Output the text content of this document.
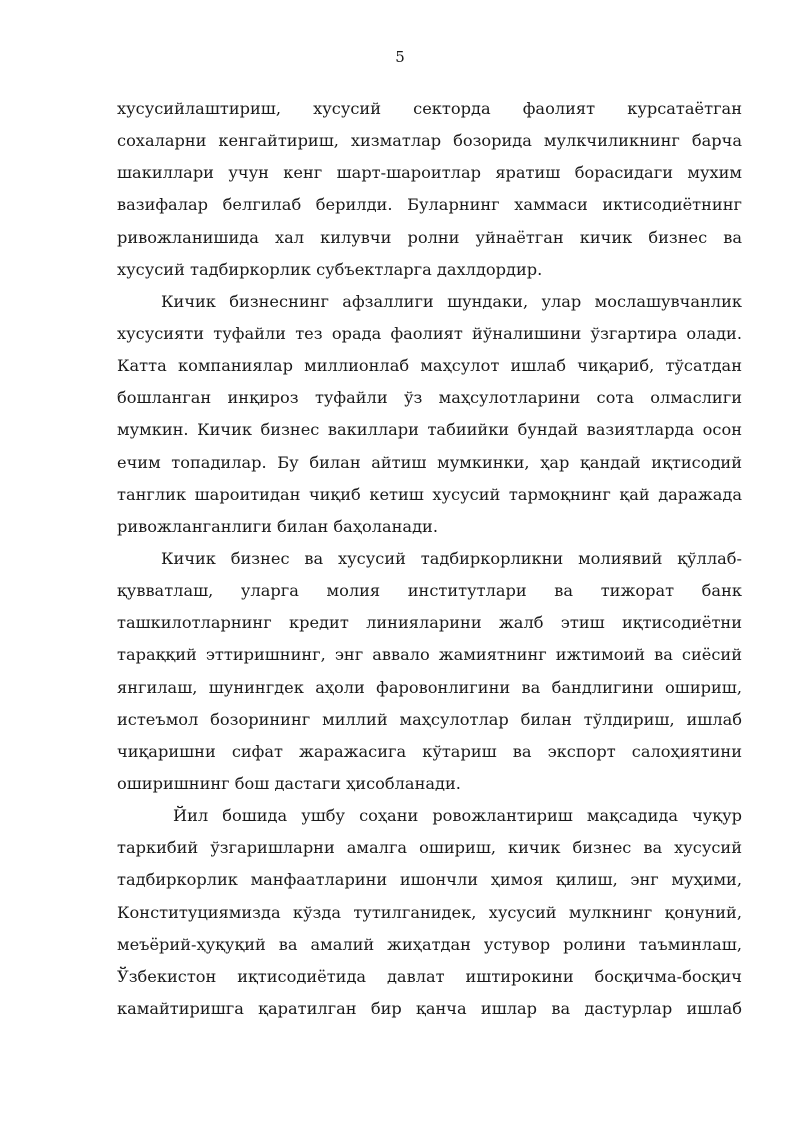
5
хусусийлаштириш, хусусий секторда фаолият курсатаётган
сохаларни кенгайтириш, хизматлар бозорида мулкчиликнинг барча
шакиллари учун кенг шарт-шароитлар яратиш борасидаги мухим
вазифалар белгилаб берилди. Буларнинг хаммаси иктисодиётнинг
ривожланишида хал килувчи ролни уйнаётган кичик бизнес ва
хусусий тадбиркорлик субъектларга дахлдордир.
Кичик бизнеснинг афзаллиги шундаки, улар мослашувчанлик
хусусияти туфайли тез орада фаолият йўналишини ўзгартира олади.
Катта компаниялар миллионлаб маҳсулот ишлаб чиқариб, тўсатдан
бошланган инқироз туфайли ўз маҳсулотларини сота олмаслиги
мумкин. Кичик бизнес вакиллари табиийки бундай вазиятларда осон
ечим топадилар. Бу билан айтиш мумкинки, ҳар қандай иқтисодий
танглик шароитидан чиқиб кетиш хусусий тармоқнинг қай даражада
ривожланганлиги билан баҳоланади.
Кичик бизнес ва хусусий тадбиркорликни молиявий қўллаб-
қувватлаш, уларга молия институтлари ва тижорат банк
ташкилотларнинг кредит линияларини жалб этиш иқтисодиётни
тараққий эттиришнинг, энг аввало жамиятнинг ижтимоий ва сиёсий
янгилаш, шунингдек аҳоли фаровонлигини ва бандлигини ошириш,
истеъмол бозорининг миллий маҳсулотлар билан тўлдириш, ишлаб
чиқаришни сифат жаражасига кўтариш ва экспорт салоҳиятини
оширишнинг бош дастаги ҳисобланади.
Йил бошида ушбу соҳани ровожлантириш мақсадида чуқур
таркибий ўзгаришларни амалга ошириш, кичик бизнес ва хусусий
тадбиркорлик манфаатларини ишончли ҳимоя қилиш, энг муҳими,
Конституциямизда кўзда тутилганидек, хусусий мулкнинг қонуний,
меъёрий-ҳуқуқий ва амалий жиҳатдан устувор ролини таъминлаш,
Ўзбекистон иқтисодиётида давлат иштирокини босқичма-босқич
камайтиришга қаратилган бир қанча ишлар ва дастурлар ишлаб
